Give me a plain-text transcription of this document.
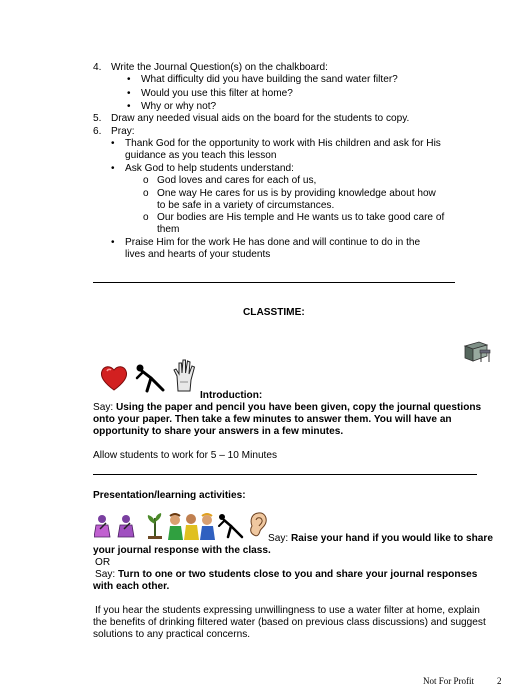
4. Write the Journal Question(s) on the chalkboard:
• What difficulty did you have building the sand water filter?
• Would you use this filter at home?
• Why or why not?
5. Draw any needed visual aids on the board for the students to copy.
6. Pray:
• Thank God for the opportunity to work with His children and ask for His
guidance as you teach this lesson
• Ask God to help students understand:
o God loves and cares for each of us,
o One way He cares for us is by providing knowledge about how
to be safe in a variety of circumstances.
o Our bodies are His temple and He wants us to take good care of
them
• Praise Him for the work He has done and will continue to do in the
lives and hearts of your students
CLASSTIME:
Introduction:
Say: Using the paper and pencil you have been given, copy the journal questions
onto your paper. Then take a few minutes to answer them. You will have an
opportunity to share your answers in a few minutes.
Allow students to work for 5 – 10 Minutes
Presentation/learning activities:
Say: Raise your hand if you would like to share
your journal response with the class.
OR
Say: Turn to one or two students close to you and share your journal responses
with each other.
If you hear the students expressing unwillingness to use a water filter at home, explain
the benefits of drinking filtered water (based on previous class discussions) and suggest
solutions to any practical concerns.
Not For Profit	2
